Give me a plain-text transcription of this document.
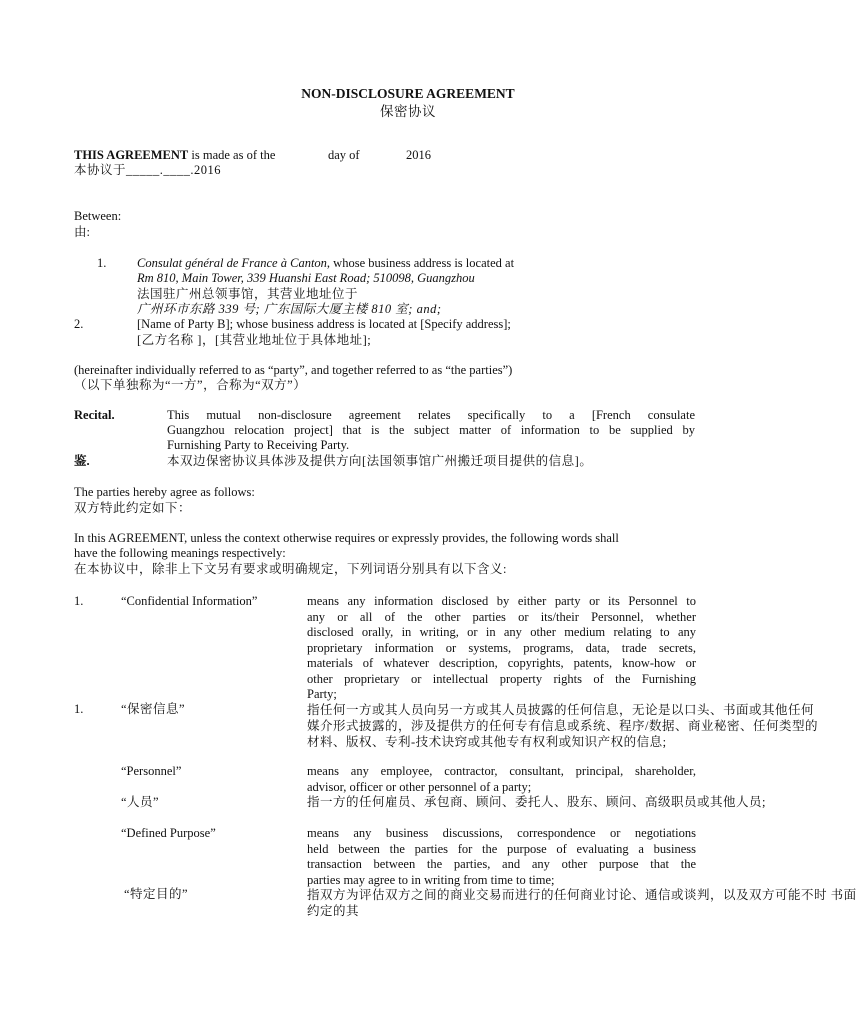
NON-DISCLOSURE AGREEMENT
保密协议
THIS AGREEMENT is made as of the	day of	2016
本协议于_____.____.2016
Between:
由:
1. Consulat général de France à Canton, whose business address is located at
Rm 810, Main Tower, 339 Huanshi East Road; 510098, Guangzhou
法国驻广州总领事馆，其营业地址位于
广州环市东路 339 号; 广东国际大厦主楼 810 室; and;
2.	[Name of Party B]; whose business address is located at [Specify address];
[乙方名称 ]，[其营业地址位于具体地址];
(hereinafter individually referred to as “party”, and together referred to as “the parties”)
（以下单独称为“一方”，合称为“双方”）
Recital.	This mutual non-disclosure agreement relates specifically to a [French consulate
Guangzhou relocation project] that is the subject matter of information to be supplied by
Furnishing Party to Receiving Party.
鉴.	本双边保密协议具体涉及提供方向[法国领事馆广州搬迁项目提供的信息]。
The parties hereby agree as follows:
双方特此约定如下：
In this AGREEMENT, unless the context otherwise requires or expressly provides, the following words shall
have the following meanings respectively:
在本协议中，除非上下文另有要求或明确规定，下列词语分别具有以下含义:
1.	“Confidential Information”	means any information disclosed by either party or its Personnel to
any or all of the other parties or its/their Personnel, whether
disclosed orally, in writing, or in any other medium relating to any
proprietary information or systems, programs, data, trade secrets,
materials of whatever description, copyrights, patents, know-how or
other proprietary or intellectual property rights of the Furnishing
Party;
1.	“保密信息”	指任何一方或其人员向另一方或其人员披露的任何信息，无论是以口头、书面或其他任何
媒介形式披露的，涉及提供方的任何专有信息或系统、程序/数据、商业秘密、任何类型的
材料、版权、专利-技术诀窍或其他专有权利或知识产权的信息;
“Personnel”	means any employee, contractor, consultant, principal, shareholder,
advisor, officer or other personnel of a party;
“人员”	指一方的任何雇员、承包商、顾问、委托人、股东、顾问、高级职员或其他人员;
“Defined Purpose”	means any business discussions, correspondence or negotiations
held between the parties for the purpose of evaluating a business
transaction between the parties, and any other purpose that the
parties may agree to in writing from time to time;
“特定目的”	指双方为评估双方之间的商业交易而进行的任何商业讨论、通信或谈判，以及双方可能不时 书面
约定的其
